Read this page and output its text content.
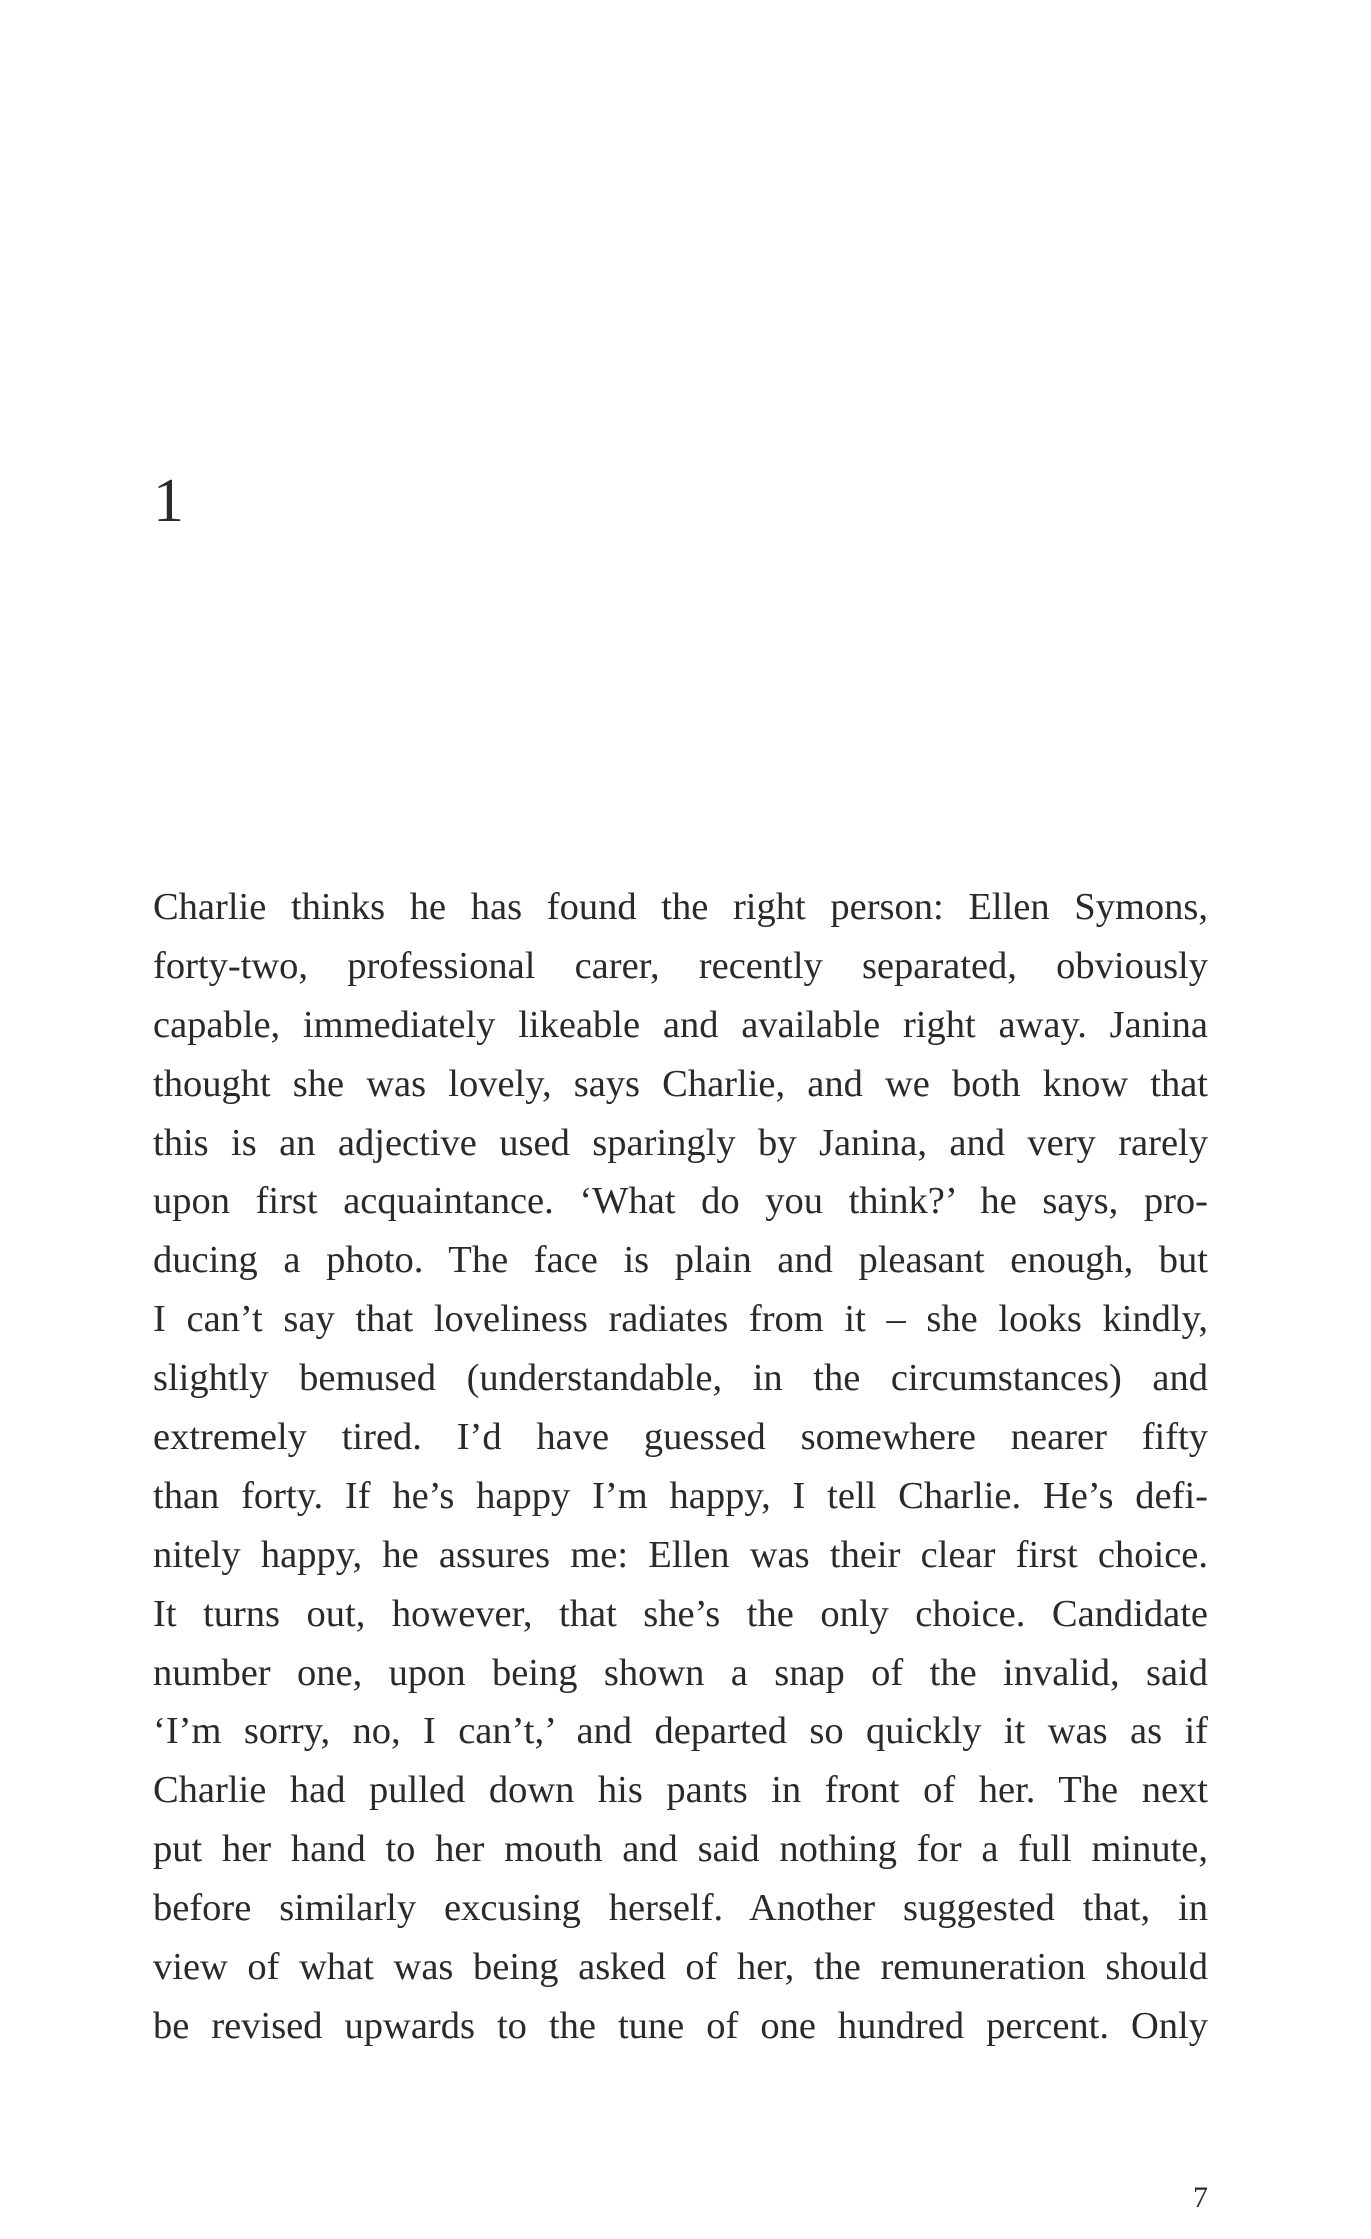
1
Charlie thinks he has found the right person: Ellen Symons,
forty-two, professional carer, recently separated, obviously
capable, immediately likeable and available right away. Janina
thought she was lovely, says Charlie, and we both know that
this is an adjective used sparingly by Janina, and very rarely
upon first acquaintance. ‘What do you think?’ he says, pro-
ducing a photo. The face is plain and pleasant enough, but
I can’t say that loveliness radiates from it – she looks kindly,
slightly bemused (understandable, in the circumstances) and
extremely tired. I’d have guessed somewhere nearer fifty
than forty. If he’s happy I’m happy, I tell Charlie. He’s defi-
nitely happy, he assures me: Ellen was their clear first choice.
It turns out, however, that she’s the only choice. Candidate
number one, upon being shown a snap of the invalid, said
‘I’m sorry, no, I can’t,’ and departed so quickly it was as if
Charlie had pulled down his pants in front of her. The next
put her hand to her mouth and said nothing for a full minute,
before similarly excusing herself. Another suggested that, in
view of what was being asked of her, the remuneration should
be revised upwards to the tune of one hundred percent. Only

7
